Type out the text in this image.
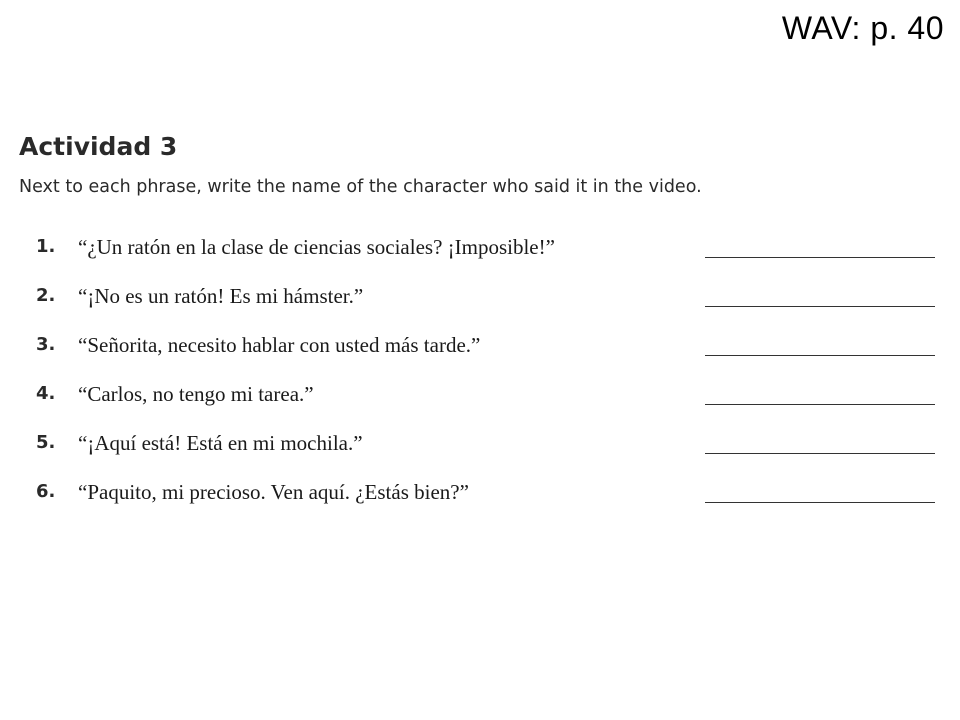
WAV: p. 40
Actividad 3

Next to each phrase, write the name of the character who said it in the video.

1. “¿Un ratón en la clase de ciencias sociales? ¡Imposible!”
2. “¡No es un ratón! Es mi hámster.”
3. “Señorita, necesito hablar con usted más tarde.”
4. “Carlos, no tengo mi tarea.”
5. “¡Aquí está! Está en mi mochila.”
6. “Paquito, mi precioso. Ven aquí. ¿Estás bien?”
